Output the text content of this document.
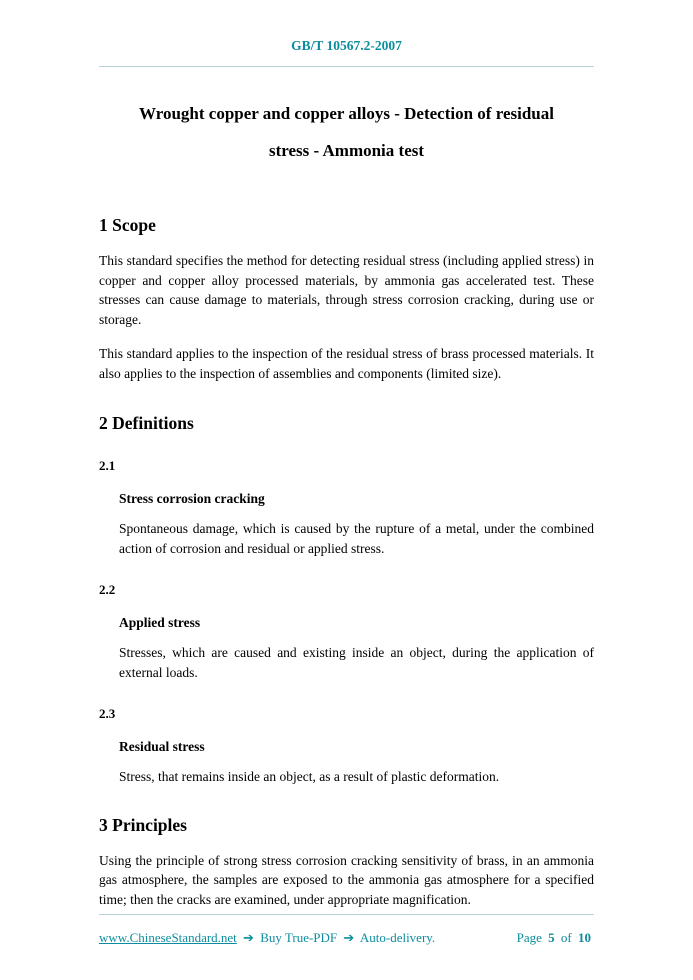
GB/T 10567.2-2007
Wrought copper and copper alloys - Detection of residual
stress - Ammonia test
1 Scope

This standard specifies the method for detecting residual stress (including applied stress) in copper and copper alloy processed materials, by ammonia gas accelerated test. These stresses can cause damage to materials, through stress corrosion cracking, during use or storage.

This standard applies to the inspection of the residual stress of brass processed materials. It also applies to the inspection of assemblies and components (limited size).

2 Definitions
2.1
Stress corrosion cracking

Spontaneous damage, which is caused by the rupture of a metal, under the combined action of corrosion and residual or applied stress.

2.2
Applied stress

Stresses, which are caused and existing inside an object, during the application of external loads.

2.3
Residual stress

Stress, that remains inside an object, as a result of plastic deformation.

3 Principles

Using the principle of strong stress corrosion cracking sensitivity of brass, in an ammonia gas atmosphere, the samples are exposed to the ammonia gas atmosphere for a specified time; then the cracks are examined, under appropriate magnification.

www.ChineseStandard.net ➔ Buy True-PDF ➔ Auto-delivery.	Page 5 of 10
